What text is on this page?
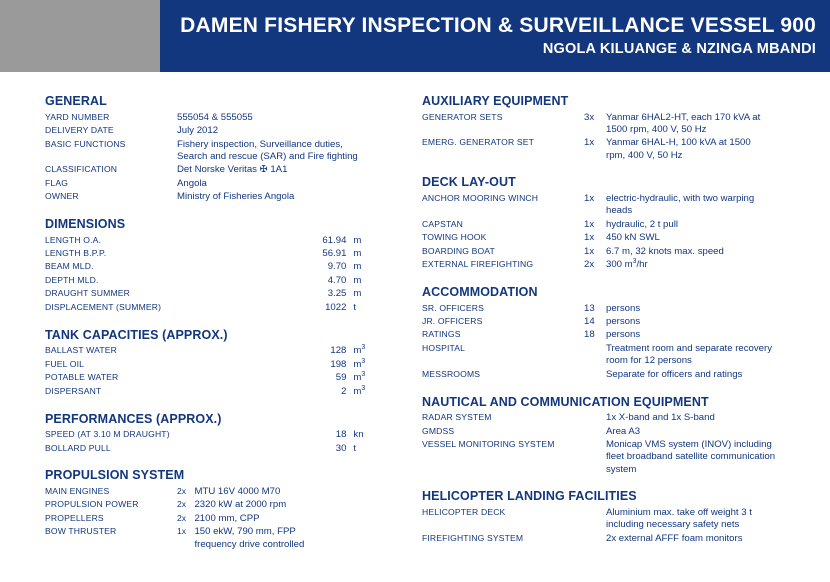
DAMEN FISHERY INSPECTION & SURVEILLANCE VESSEL 900
NGOLA KILUANGE & NZINGA MBANDI
GENERAL
YARD NUMBER	555054 & 555055
DELIVERY DATE	July 2012
BASIC FUNCTIONS	Fishery inspection, Surveillance duties,
Search and rescue (SAR) and Fire fighting
CLASSIFICATION	Det Norske Veritas ✠ 1A1
FLAG	Angola
OWNER	Ministry of Fisheries Angola
DIMENSIONS
LENGTH O.A.	61.94	m
LENGTH B.P.P.	56.91	m
BEAM MLD.	9.70	m
DEPTH MLD.	4.70	m
DRAUGHT SUMMER	3.25	m
DISPLACEMENT (SUMMER)	1022	t
TANK CAPACITIES (APPROX.)
BALLAST WATER	128	$m^3$
FUEL OIL	198	$m^3$
POTABLE WATER	59	$m^3$
DISPERSANT	2	$m^3$
PERFORMANCES (APPROX.)
SPEED (AT 3.10 M DRAUGHT)	18	kn
BOLLARD PULL	30	t
PROPULSION SYSTEM
MAIN ENGINES	2x	MTU 16V 4000 M70
PROPULSION POWER	2x	2320 kW at 2000 rpm
PROPELLERS	2x	2100 mm, CPP
BOW THRUSTER	1x	150 ekW, 790 mm, FPP
frequency drive controlled
AUXILIARY EQUIPMENT
GENERATOR SETS	3x	Yanmar 6HAL2-HT, each 170 kVA at
1500 rpm, 400 V, 50 Hz
EMERG. GENERATOR SET	1x	Yanmar 6HAL-H, 100 kVA at 1500
rpm, 400 V, 50 Hz
DECK LAY-OUT
ANCHOR MOORING WINCH	1x	electric-hydraulic, with two warping
heads
CAPSTAN	1x	hydraulic, 2 t pull
TOWING HOOK	1x	450 kN SWL
BOARDING BOAT	1x	6.7 m, 32 knots max. speed
EXTERNAL FIREFIGHTING	2x	300 $m^3/hr$
ACCOMMODATION
SR. OFFICERS	13	persons
JR. OFFICERS	14	persons
RATINGS	18	persons
HOSPITAL		Treatment room and separate recovery
room for 12 persons
MESSROOMS		Separate for officers and ratings
NAUTICAL AND COMMUNICATION EQUIPMENT
RADAR SYSTEM		1x X-band and 1x S-band
GMDSS		Area A3
VESSEL MONITORING SYSTEM		Monicap VMS system (INOV) including
fleet broadband satellite communication
system
HELICOPTER LANDING FACILITIES
HELICOPTER DECK		Aluminium max. take off weight 3 t
including necessary safety nets
FIREFIGHTING SYSTEM		2x external AFFF foam monitors
